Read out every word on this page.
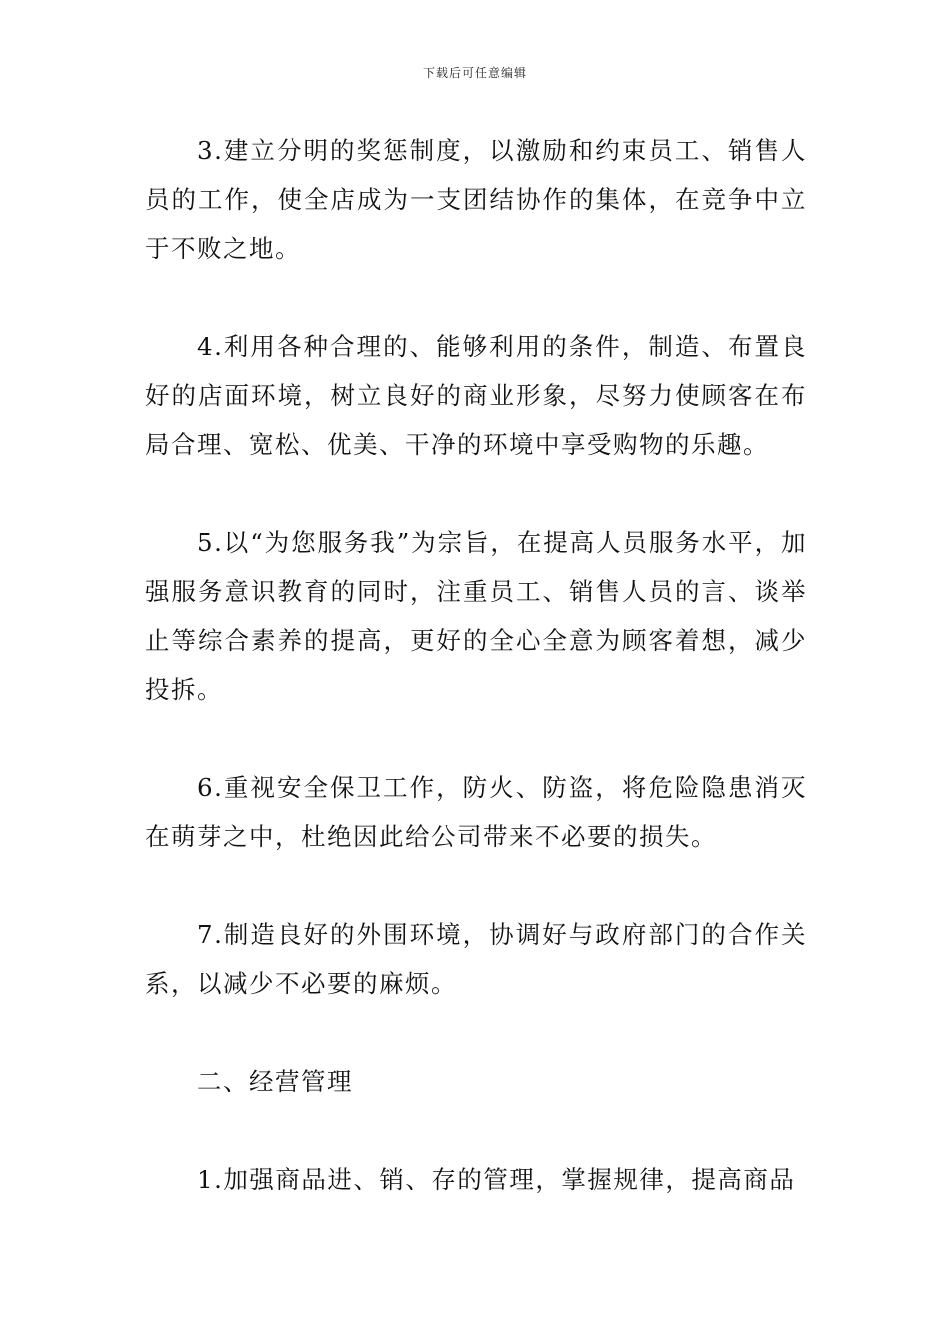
下载后可任意编辑

3.建立分明的奖惩制度，以激励和约束员工、销售人员的工作，使全店成为一支团结协作的集体，在竞争中立于不败之地。

4.利用各种合理的、能够利用的条件，制造、布置良好的店面环境，树立良好的商业形象，尽努力使顾客在布局合理、宽松、优美、干净的环境中享受购物的乐趣。

5.以“为您服务我”为宗旨，在提高人员服务水平，加强服务意识教育的同时，注重员工、销售人员的言、谈举止等综合素养的提高，更好的全心全意为顾客着想，减少投拆。

6.重视安全保卫工作，防火、防盗，将危险隐患消灭在萌芽之中，杜绝因此给公司带来不必要的损失。

7.制造良好的外围环境，协调好与政府部门的合作关系，以减少不必要的麻烦。

二、经营管理

1.加强商品进、销、存的管理，掌握规律，提高商品
